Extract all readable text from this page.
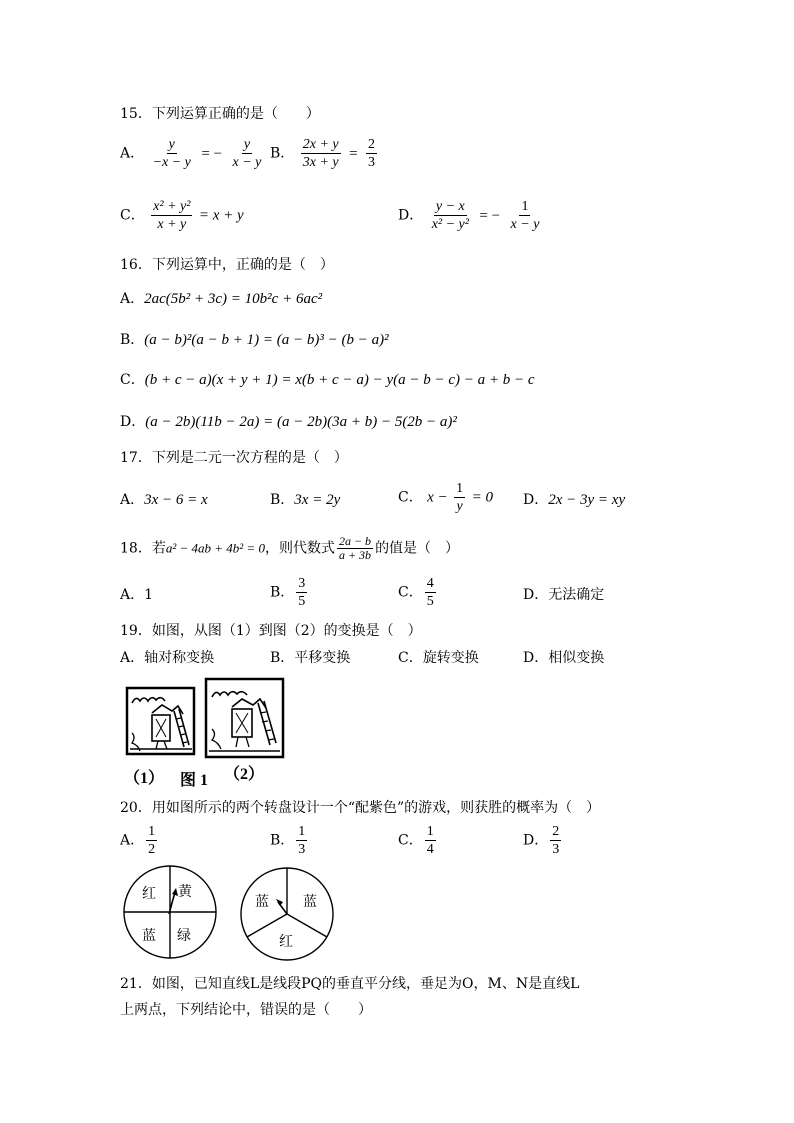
15．下列运算正确的是（　　）
A． $\frac{y}{-x - y}$ = − $\frac{y}{x - y}$ B． $\frac{2x + y}{3x + y} = \frac{2}{3}$
C． $\frac{\text{x² + y²}}{x + y} = x + y$	D． $\frac{y - x}{\text{x² − y²}}$ = − $\frac{1}{x - y}$
16．下列运算中，正确的是（　）
A．2ac(5b² + 3c) = 10b²c + 6ac²
B．(a − b)²(a − b + 1) = (a − b)³ − (b − a)²
C．(b + c − a)(x + y + 1) = x(b + c − a) − y(a − b − c) − a + b − c
D．(a − 2b)(11b − 2a) = (a − 2b)(3a + b) − 5(2b − a)²
17．下列是二元一次方程的是（　）
A．3x − 6 = x	B．3x = 2y	C． $x - \frac{1}{y} = 0$ D．2x − 3y = xy
18．若a² − 4ab + 4b² = 0，则代数式 $\frac{2a - b}{a + 3b}$ 的值是（　）
A．1	B． $\frac{3}{5}$	C． $\frac{4}{5}$	D．无法确定
19．如图，从图（1）到图（2）的变换是（　）
A．轴对称变换	B．平移变换	C．旋转变换	D．相似变换
（1） 图 1 （2）
20．用如图所示的两个转盘设计一个“配紫色”的游戏，则获胜的概率为（　）
A． $\frac{1}{2}$	B． $\frac{1}{3}$	C． $\frac{1}{4}$	D． $\frac{2}{3}$
红 黄
蓝 绿
蓝 蓝
红
21．如图，已知直线L是线段PQ的垂直平分线，垂足为O，M、N是直线L
上两点，下列结论中，错误的是（　　）
